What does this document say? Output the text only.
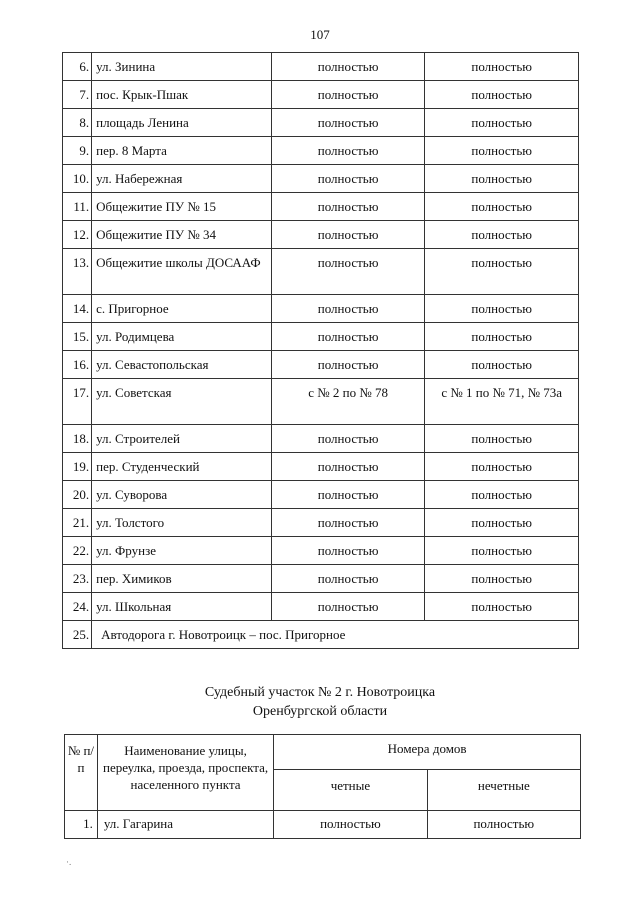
107
6.	ул. Зинина	полностью	полностью
7.	пос. Крык-Пшак	полностью	полностью
8.	площадь Ленина	полностью	полностью
9.	пер. 8 Марта	полностью	полностью
10.	ул. Набережная	полностью	полностью
11.	Общежитие ПУ № 15	полностью	полностью
12.	Общежитие ПУ № 34	полностью	полностью
13.	Общежитие школы ДОСААФ	полностью	полностью
14.	с. Пригорное	полностью	полностью
15.	ул. Родимцева	полностью	полностью
16.	ул. Севастопольская	полностью	полностью
17.	ул. Советская	с № 2 по № 78	с № 1 по № 71, № 73а
18.	ул. Строителей	полностью	полностью
19.	пер. Студенческий	полностью	полностью
20.	ул. Суворова	полностью	полностью
21.	ул. Толстого	полностью	полностью
22.	ул. Фрунзе	полностью	полностью
23.	пер. Химиков	полностью	полностью
24.	ул. Школьная	полностью	полностью
25.	Автодорога г. Новотроицк – пос. Пригорное		
Судебный участок № 2 г. Новотроицка
Оренбургской области
№ п/п	Наименование улицы, переулка, проезда, проспекта, населенного пункта	Номера домов	
		четные	нечетные
1.	ул. Гагарина	полностью	полностью
·.
